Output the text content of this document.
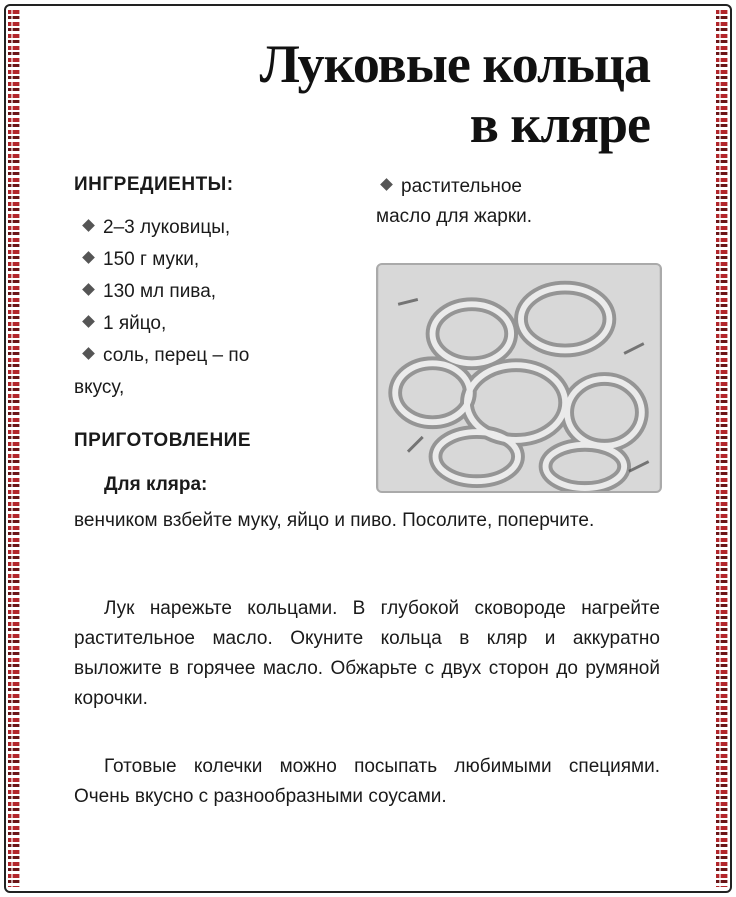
Луковые кольца
в кляре
ИНГРЕДИЕНТЫ:
2–3 луковицы,
150 г муки,
130 мл пива,
1 яйцо,
соль, перец – по
вкусу,
растительное
масло для жарки.
ПРИГОТОВЛЕНИЕ
Для кляра:

венчиком взбейте муку, яйцо и пиво. Посолите, поперчите.

Лук нарежьте кольцами. В глубокой сковороде нагрейте растительное масло. Окуните кольца в кляр и аккуратно выложите в горячее масло. Обжарьте с двух сторон до румяной корочки.

Готовые колечки можно посыпать любимыми специями. Очень вкусно с разнообразными соусами.
